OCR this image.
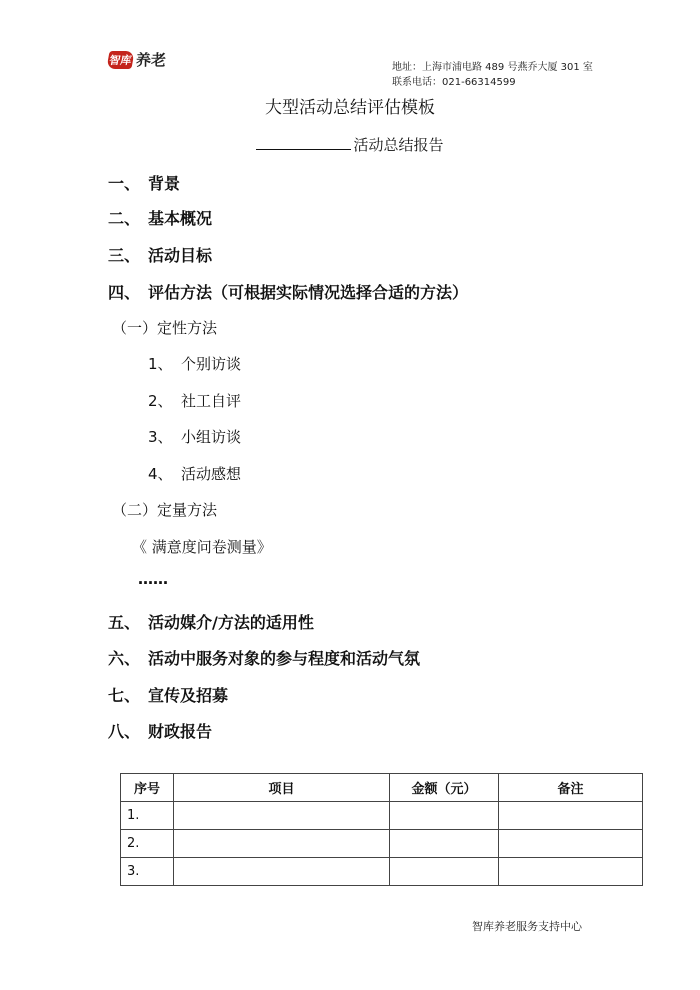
智库 养老	地址：上海市浦电路 489 号燕乔大厦 301 室
联系电话：021-66314599
大型活动总结评估模板
活动总结报告
一、 背景
二、 基本概况
三、 活动目标
四、 评估方法（可根据实际情况选择合适的方法）
（一）定性方法
1、 个别访谈
2、 社工自评
3、 小组访谈
4、 活动感想
（二）定量方法
《 满意度问卷测量》
……
五、 活动媒介/方法的适用性
六、 活动中服务对象的参与程度和活动气氛
七、 宣传及招募
八、 财政报告
序号	项目	金额（元）	备注
1.			
2.			
3.			
智库养老服务支持中心
